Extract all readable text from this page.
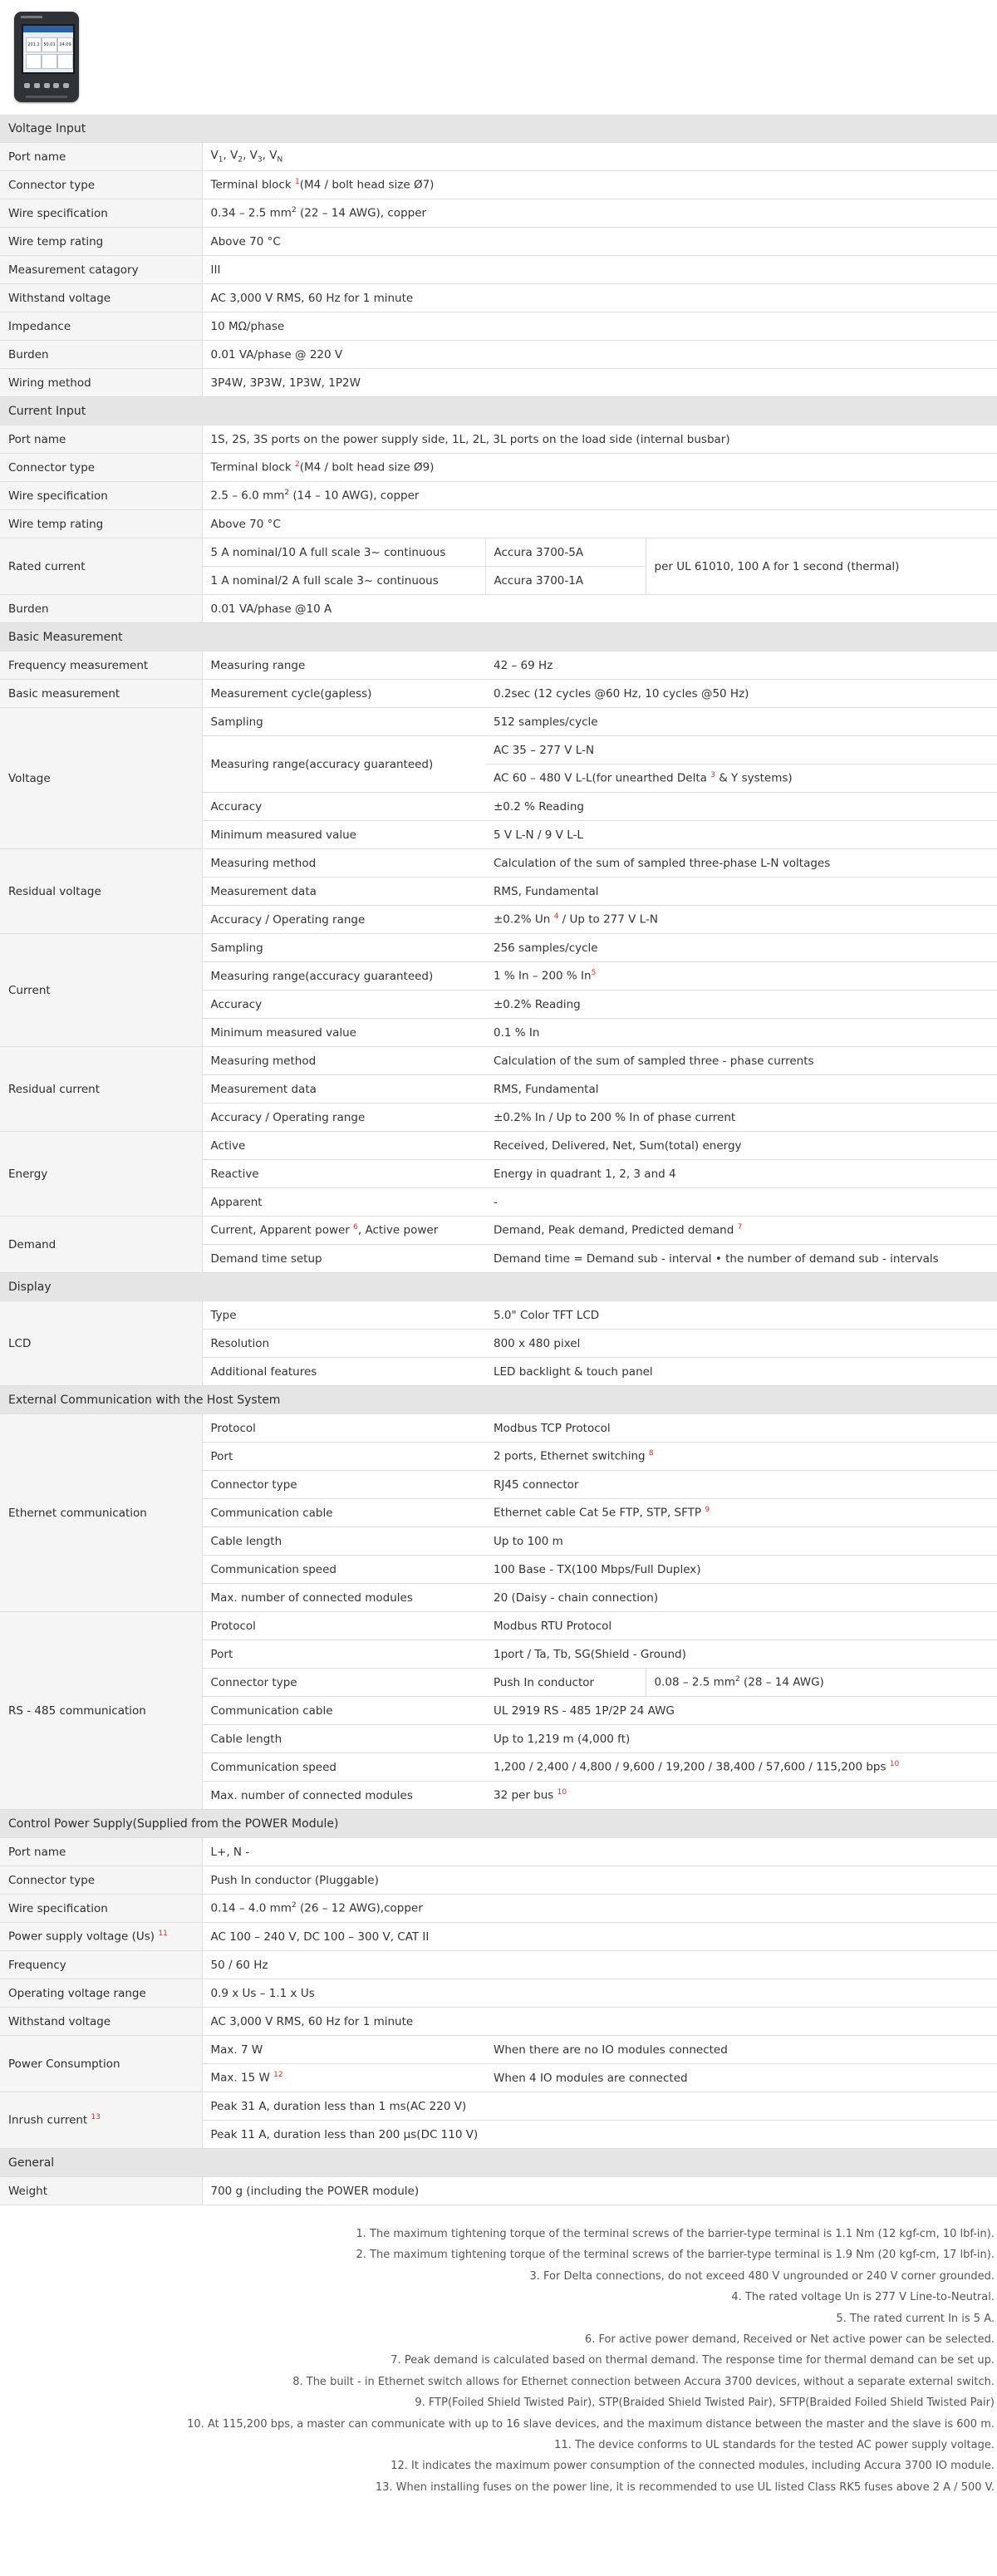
201.2 50.01 24.09
Voltage Input			
Port name	$V_1$, $V_2$, $V_3$, $V_N$
Connector type	Terminal block $^1$(M4 / bolt head size Ø7)		
Wire specification	0.34 – 2.5 $mm^2$ (22 – 14 AWG), copper		
Wire temp rating	Above 70 °C		
Measurement catagory	III		
Withstand voltage	AC 3,000 V RMS, 60 Hz for 1 minute		
Impedance	10 MΩ/phase		
Burden	0.01 VA/phase @ 220 V		
Wiring method	3P4W, 3P3W, 1P3W, 1P2W		
Current Input			
Port name	1S, 2S, 3S ports on the power supply side, 1L, 2L, 3L ports on the load side (internal busbar)		
Connector type	Terminal block $^2$(M4 / bolt head size Ø9)		
Wire specification	2.5 – 6.0 $mm^2$ (14 – 10 AWG), copper		
Wire temp rating	Above 70 °C		
Rated current	5 A nominal/10 A full scale 3~ continuous	Accura 3700-5A	per UL 61010, 100 A for 1 second (thermal)
	1 A nominal/2 A full scale 3~ continuous	Accura 3700-1A	
Burden	0.01 VA/phase @10 A		
Basic Measurement			
Frequency measurement	Measuring range	42 – 69 Hz	
Basic measurement	Measurement cycle(gapless)	0.2sec (12 cycles @60 Hz, 10 cycles @50 Hz)	
Voltage	Sampling	512 samples/cycle	
	Measuring range(accuracy guaranteed)	AC 35 – 277 V L-N	
		AC 60 – 480 V L-L(for unearthed Delta $^3$ & Y systems)	
	Accuracy	±0.2 % Reading	
	Minimum measured value	5 V L-N / 9 V L-L	
Residual voltage	Measuring method	Calculation of the sum of sampled three-phase L-N voltages	
	Measurement data	RMS, Fundamental	
	Accuracy / Operating range	±0.2% Un $^4$ / Up to 277 V L-N	
Current	Sampling	256 samples/cycle	
	Measuring range(accuracy guaranteed)	1 % In – 200 % In$^5$
	Accuracy	±0.2% Reading	
	Minimum measured value	0.1 % In	
Residual current	Measuring method	Calculation of the sum of sampled three - phase currents	
	Measurement data	RMS, Fundamental	
	Accuracy / Operating range	±0.2% In / Up to 200 % In of phase current	
Energy	Active	Received, Delivered, Net, Sum(total) energy	
	Reactive	Energy in quadrant 1, 2, 3 and 4	
	Apparent	-	
Demand	Current, Apparent power $^6$, Active power	Demand, Peak demand, Predicted demand $^7$
	Demand time setup	Demand time = Demand sub - interval • the number of demand sub - intervals	
Display			
LCD	Type	5.0" Color TFT LCD	
	Resolution	800 x 480 pixel	
	Additional features	LED backlight & touch panel	
External Communication with the Host System			
Ethernet communication	Protocol	Modbus TCP Protocol	
	Port	2 ports, Ethernet switching $^8$
	Connector type	RJ45 connector	
	Communication cable	Ethernet cable Cat 5e FTP, STP, SFTP $^9$
	Cable length	Up to 100 m	
	Communication speed	100 Base - TX(100 Mbps/Full Duplex)	
	Max. number of connected modules	20 (Daisy - chain connection)	
RS - 485 communication	Protocol	Modbus RTU Protocol	
	Port	1port / Ta, Tb, SG(Shield - Ground)	
	Connector type	Push In conductor	0.08 – 2.5 $mm^2$ (28 – 14 AWG)
	Communication cable	UL 2919 RS - 485 1P/2P 24 AWG	
	Cable length	Up to 1,219 m (4,000 ft)	
	Communication speed	1,200 / 2,400 / 4,800 / 9,600 / 19,200 / 38,400 / 57,600 / 115,200 bps $^{10}$
	Max. number of connected modules	32 per bus $^{10}$
Control Power Supply(Supplied from the POWER Module)			
Port name	L+, N -		
Connector type	Push In conductor (Pluggable)		
Wire specification	0.14 – 4.0 $mm^2$ (26 – 12 AWG),copper		
Power supply voltage (Us) $^{11}$	AC 100 – 240 V, DC 100 – 300 V, CAT II		
Frequency	50 / 60 Hz		
Operating voltage range	0.9 x Us – 1.1 x Us		
Withstand voltage	AC 3,000 V RMS, 60 Hz for 1 minute		
Power Consumption	Max. 7 W	When there are no IO modules connected	
	Max. 15 W $^{12}$	When 4 IO modules are connected	
Inrush current $^{13}$	Peak 31 A, duration less than 1 ms(AC 220 V)		
	Peak 11 A, duration less than 200 μs(DC 110 V)		
General			
Weight	700 g (including the POWER module)		
1. The maximum tightening torque of the terminal screws of the barrier-type terminal is 1.1 Nm (12 kgf-cm, 10 lbf-in).
2. The maximum tightening torque of the terminal screws of the barrier-type terminal is 1.9 Nm (20 kgf-cm, 17 lbf-in).
3. For Delta connections, do not exceed 480 V ungrounded or 240 V corner grounded.
4. The rated voltage Un is 277 V Line-to-Neutral.
5. The rated current In is 5 A.
6. For active power demand, Received or Net active power can be selected.
7. Peak demand is calculated based on thermal demand. The response time for thermal demand can be set up.
8. The built - in Ethernet switch allows for Ethernet connection between Accura 3700 devices, without a separate external switch.
9. FTP(Foiled Shield Twisted Pair), STP(Braided Shield Twisted Pair), SFTP(Braided Foiled Shield Twisted Pair)
10. At 115,200 bps, a master can communicate with up to 16 slave devices, and the maximum distance between the master and the slave is 600 m.
11. The device conforms to UL standards for the tested AC power supply voltage.
12. It indicates the maximum power consumption of the connected modules, including Accura 3700 IO module.
13. When installing fuses on the power line, it is recommended to use UL listed Class RK5 fuses above 2 A / 500 V.
